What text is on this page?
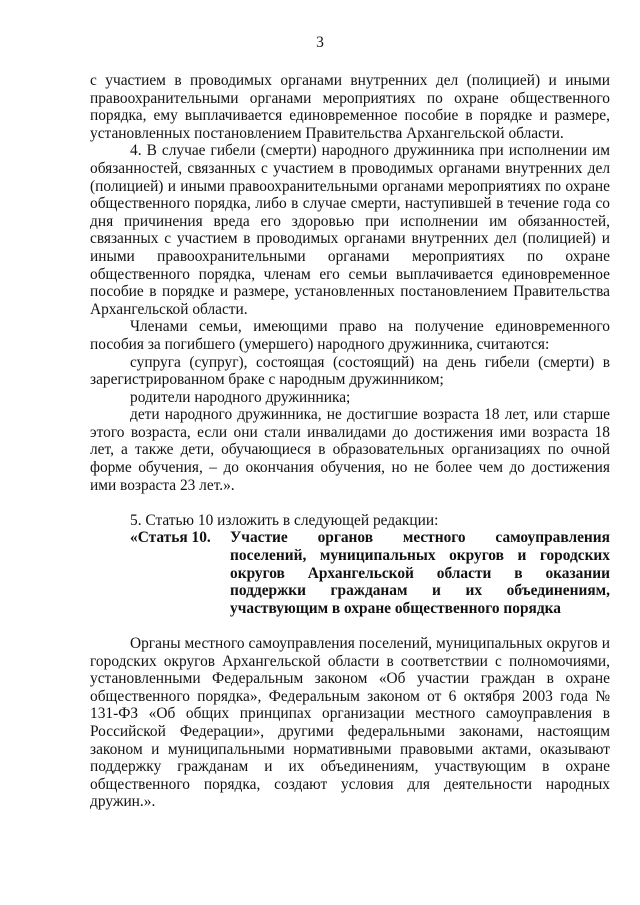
3

с участием в проводимых органами внутренних дел (полицией) и иными правоохранительными органами мероприятиях по охране общественного порядка, ему выплачивается единовременное пособие в порядке и размере, установленных постановлением Правительства Архангельской области.

4. В случае гибели (смерти) народного дружинника при исполнении им обязанностей, связанных с участием в проводимых органами внутренних дел (полицией) и иными правоохранительными органами мероприятиях по охране общественного порядка, либо в случае смерти, наступившей в течение года со дня причинения вреда его здоровью при исполнении им обязанностей, связанных с участием в проводимых органами внутренних дел (полицией) и иными правоохранительными органами мероприятиях по охране общественного порядка, членам его семьи выплачивается единовременное пособие в порядке и размере, установленных постановлением Правительства Архангельской области.

Членами семьи, имеющими право на получение единовременного пособия за погибшего (умершего) народного дружинника, считаются:

супруга (супруг), состоящая (состоящий) на день гибели (смерти) в зарегистрированном браке с народным дружинником;

родители народного дружинника;

дети народного дружинника, не достигшие возраста 18 лет, или старше этого возраста, если они стали инвалидами до достижения ими возраста 18 лет, а также дети, обучающиеся в образовательных организациях по очной форме обучения, – до окончания обучения, но не более чем до достижения ими возраста 23 лет.».

5. Статью 10 изложить в следующей редакции:

«Статья 10.	Участие органов местного самоуправления поселений, муниципальных округов и городских округов Архангельской области в оказании поддержки гражданам и их объединениям, участвующим в охране общественного порядка

Органы местного самоуправления поселений, муниципальных округов и городских округов Архангельской области в соответствии с полномочиями, установленными Федеральным законом «Об участии граждан в охране общественного порядка», Федеральным законом от 6 октября 2003 года № 131-ФЗ «Об общих принципах организации местного самоуправления в Российской Федерации», другими федеральными законами, настоящим законом и муниципальными нормативными правовыми актами, оказывают поддержку гражданам и их объединениям, участвующим в охране общественного порядка, создают условия для деятельности народных дружин.».
